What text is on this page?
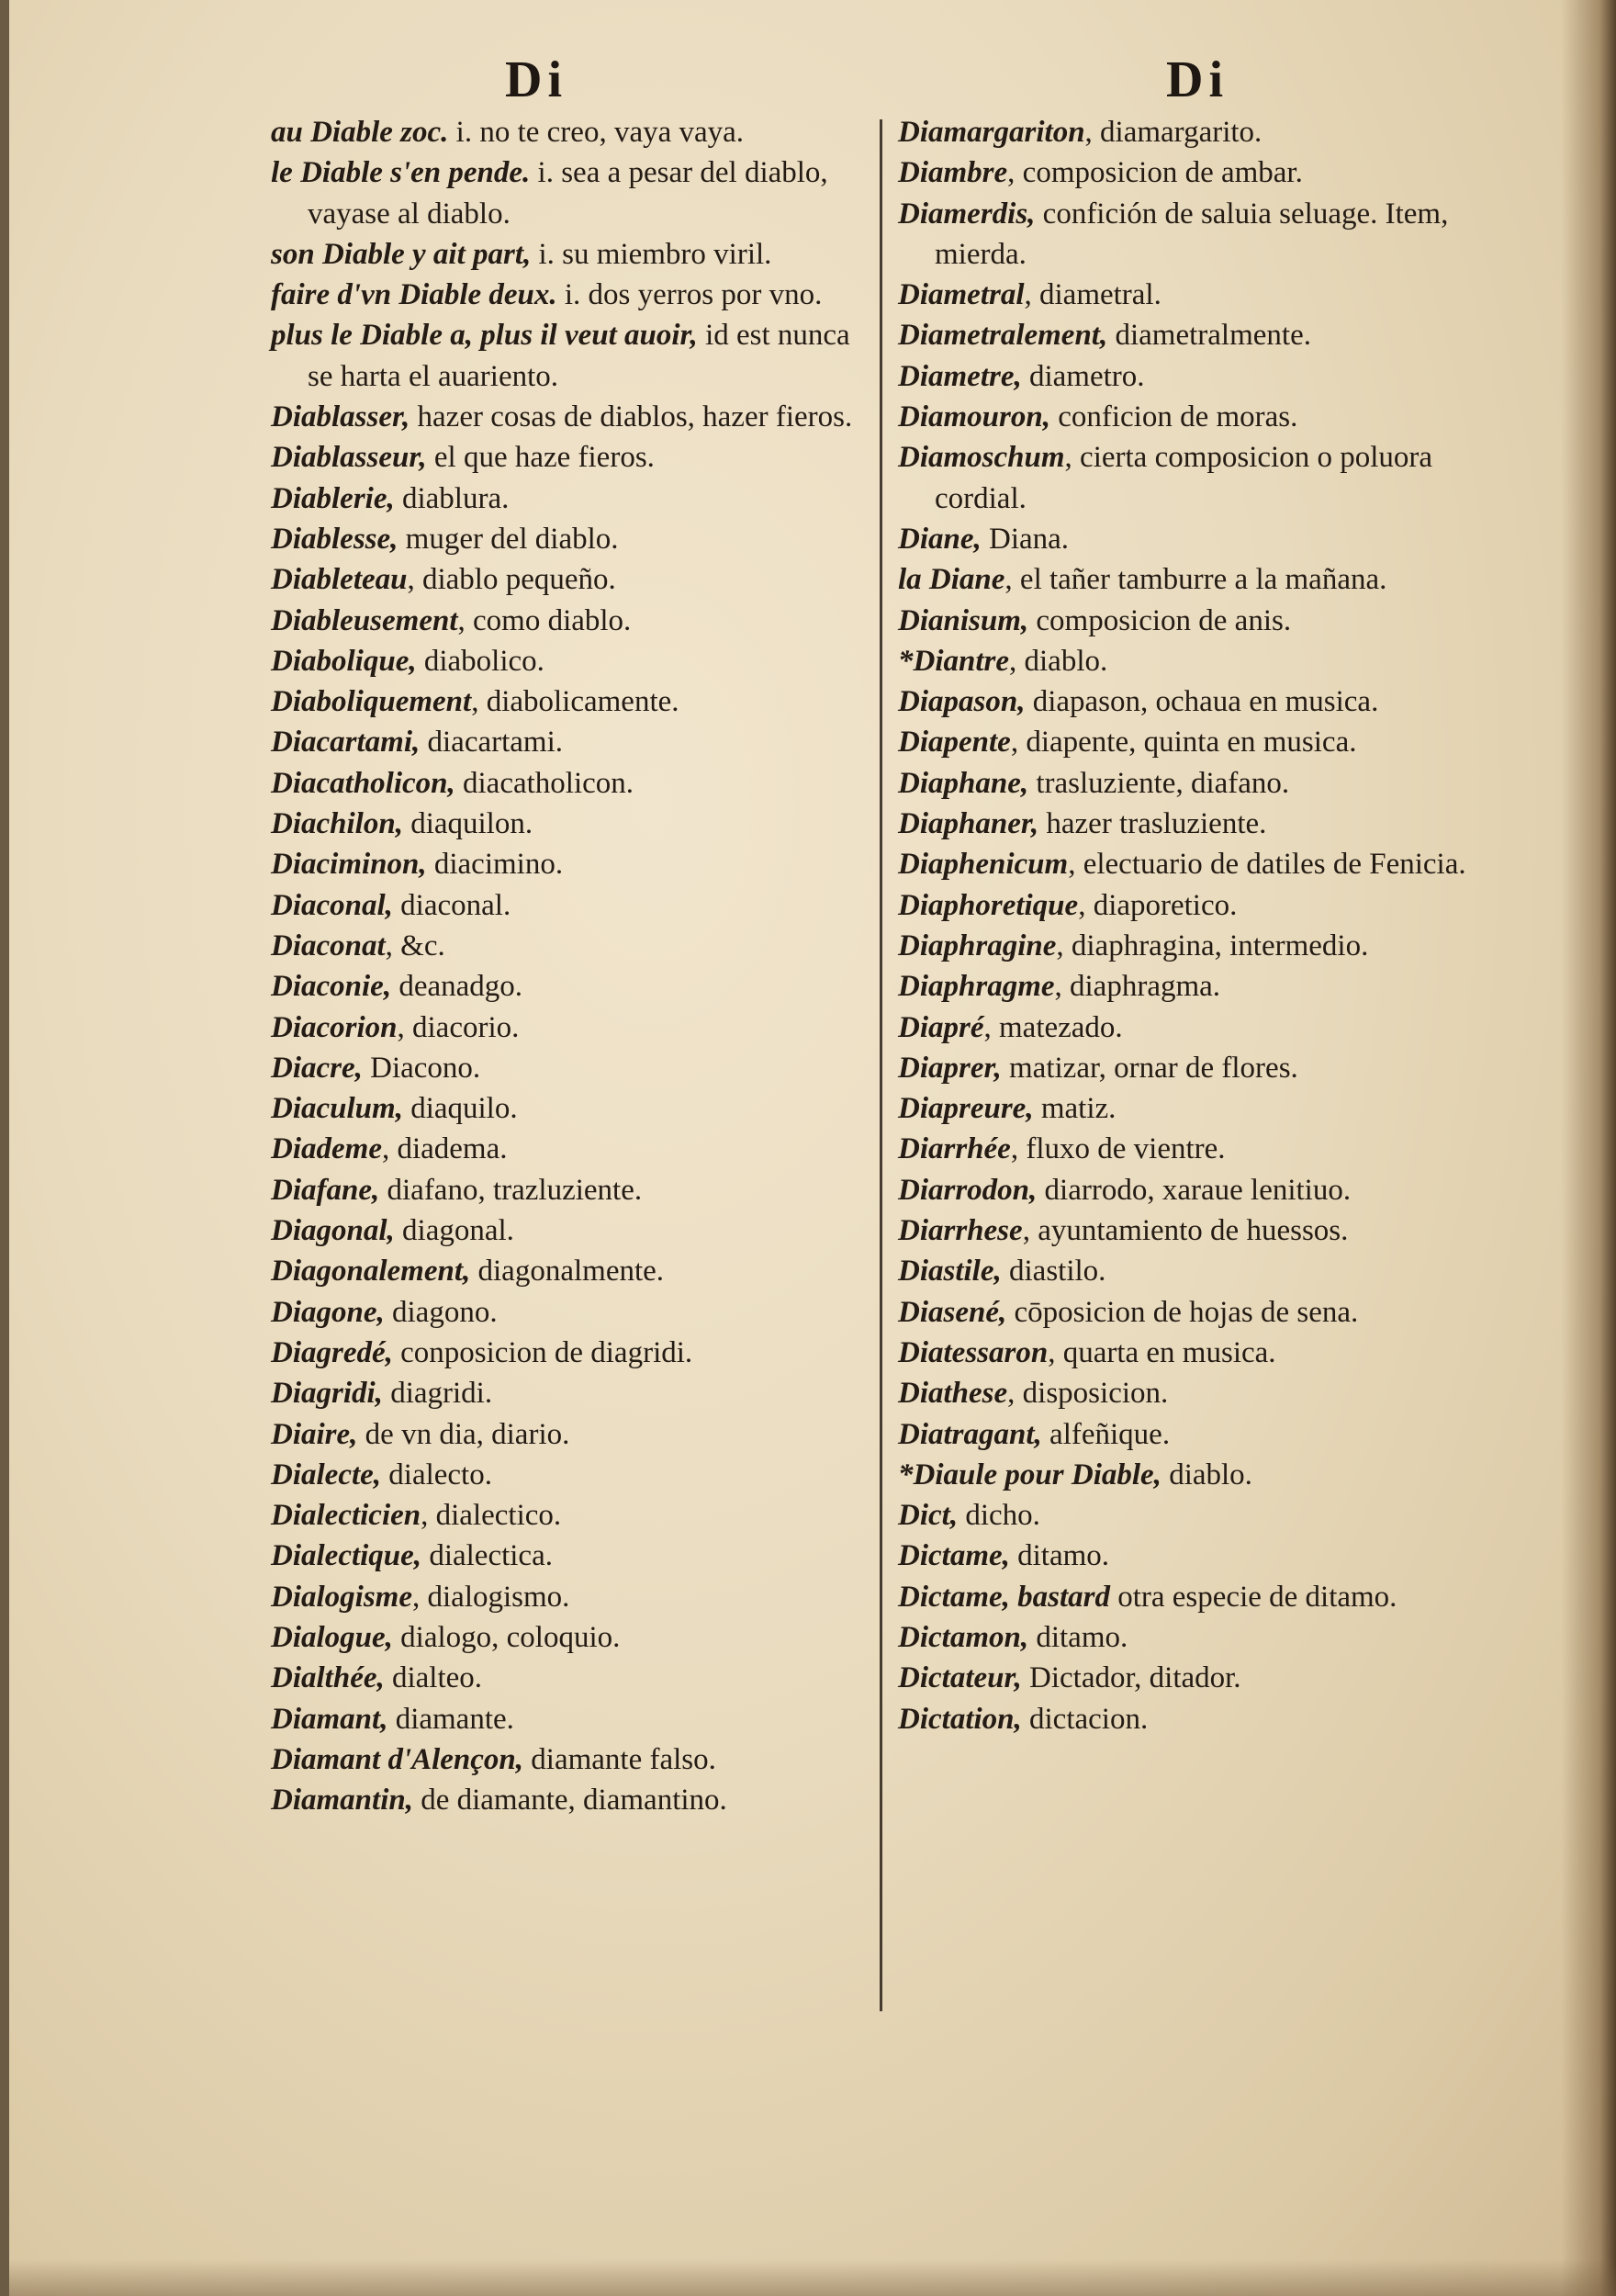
Di	Di

au Diable zoc. i. no te creo, vaya vaya.

le Diable s'en pende. i. sea a pesar del diablo, vayase al diablo.

son Diable y ait part, i. su miembro viril.

faire d'vn Diable deux. i. dos yerros por vno.

plus le Diable a, plus il veut auoir, id est nunca se harta el auariento.

Diablasser, hazer cosas de diablos, hazer fieros.

Diablasseur, el que haze fieros.

Diablerie, diablura.

Diablesse, muger del diablo.

Diableteau, diablo pequeño.

Diableusement, como diablo.

Diabolique, diabolico.

Diaboliquement, diabolicamente.

Diacartami, diacartami.

Diacatholicon, diacatholicon.

Diachilon, diaquilon.

Diaciminon, diacimino.

Diaconal, diaconal.

Diaconat, &c.

Diaconie, deanadgo.

Diacorion, diacorio.

Diacre, Diacono.

Diaculum, diaquilo.

Diademe, diadema.

Diafane, diafano, trazluziente.

Diagonal, diagonal.

Diagonalement, diagonalmente.

Diagone, diagono.

Diagredé, conposicion de diagridi.

Diagridi, diagridi.

Diaire, de vn dia, diario.

Dialecte, dialecto.

Dialecticien, dialectico.

Dialectique, dialectica.

Dialogisme, dialogismo.

Dialogue, dialogo, coloquio.

Dialthée, dialteo.

Diamant, diamante.

Diamant d'Alençon, diamante falso.

Diamantin, de diamante, diamantino.

Diamargariton, diamargarito.

Diambre, composicion de ambar.

Diamerdis, confición de saluia seluage. Item, mierda.

Diametral, diametral.

Diametralement, diametralmente.

Diametre, diametro.

Diamouron, conficion de moras.

Diamoschum, cierta composicion o poluora cordial.

Diane, Diana.

la Diane, el tañer tamburre a la mañana.

Dianisum, composicion de anis.

*Diantre, diablo.

Diapason, diapason, ochaua en musica.

Diapente, diapente, quinta en musica.

Diaphane, trasluziente, diafano.

Diaphaner, hazer trasluziente.

Diaphenicum, electuario de datiles de Fenicia.

Diaphoretique, diaporetico.

Diaphragine, diaphragina, intermedio.

Diaphragme, diaphragma.

Diapré, matezado.

Diaprer, matizar, ornar de flores.

Diapreure, matiz.

Diarrhée, fluxo de vientre.

Diarrodon, diarrodo, xaraue lenitiuo.

Diarrhese, ayuntamiento de huessos.

Diastile, diastilo.

Diasené, cōposicion de hojas de sena.

Diatessaron, quarta en musica.

Diathese, disposicion.

Diatragant, alfeñique.

*Diaule pour Diable, diablo.

Dict, dicho.

Dictame, ditamo.

Dictame, bastard otra especie de ditamo.

Dictamon, ditamo.

Dictateur, Dictador, ditador.

Dictation, dictacion.
